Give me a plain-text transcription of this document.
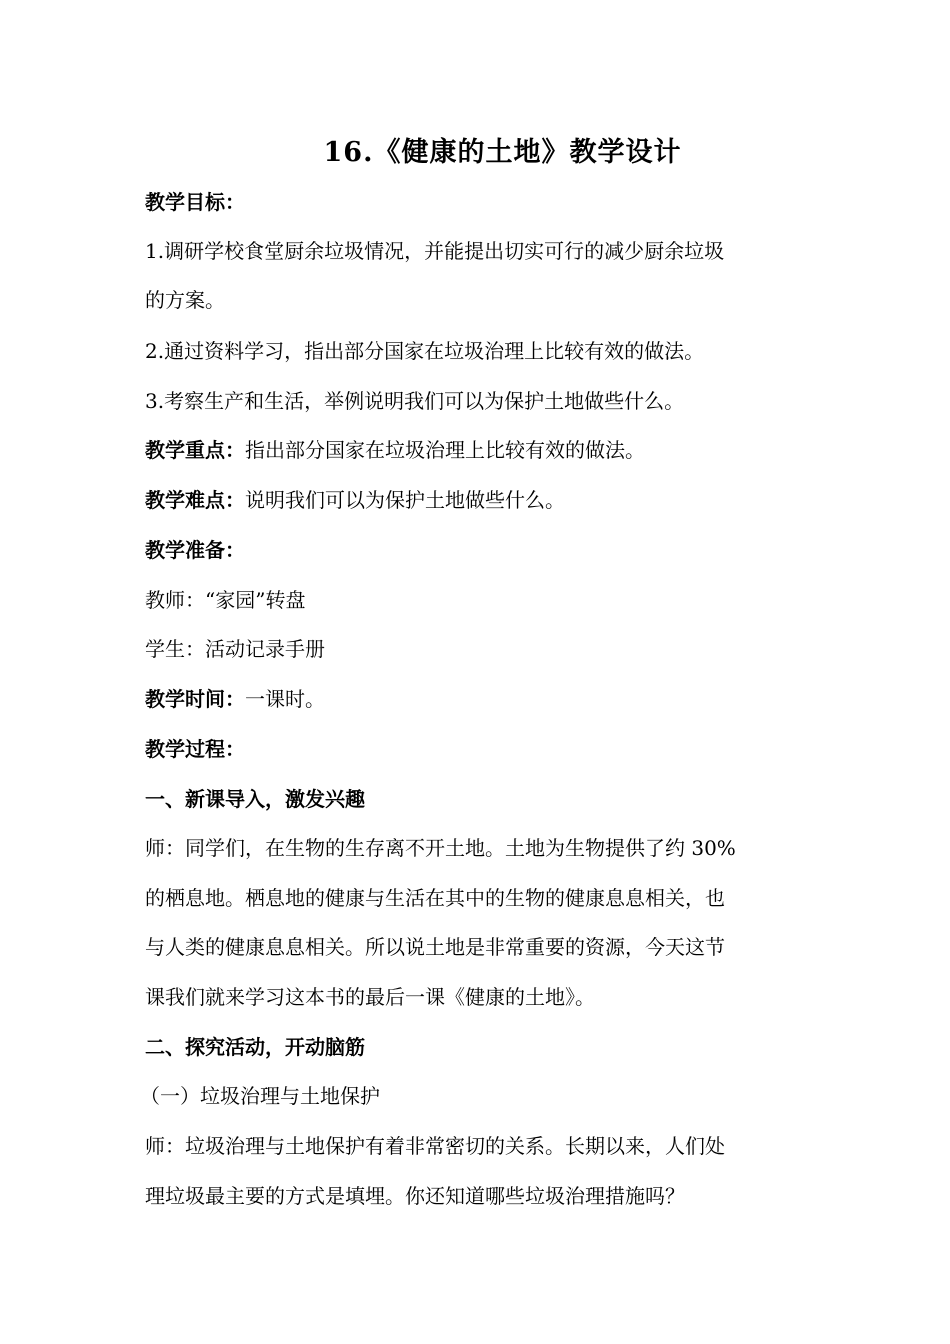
16.《健康的土地》教学设计
教学目标：
1.调研学校食堂厨余垃圾情况，并能提出切实可行的减少厨余垃圾
的方案。
2.通过资料学习，指出部分国家在垃圾治理上比较有效的做法。
3.考察生产和生活，举例说明我们可以为保护土地做些什么。
教学重点：指出部分国家在垃圾治理上比较有效的做法。
教学难点：说明我们可以为保护土地做些什么。
教学准备：
教师：“家园”转盘
学生：活动记录手册
教学时间：一课时。
教学过程：
一、新课导入，激发兴趣
师：同学们，在生物的生存离不开土地。土地为生物提供了约 30%
的栖息地。栖息地的健康与生活在其中的生物的健康息息相关，也
与人类的健康息息相关。所以说土地是非常重要的资源，今天这节
课我们就来学习这本书的最后一课《健康的土地》。
二、探究活动，开动脑筋
（一）垃圾治理与土地保护
师：垃圾治理与土地保护有着非常密切的关系。长期以来，人们处
理垃圾最主要的方式是填埋。你还知道哪些垃圾治理措施吗？
